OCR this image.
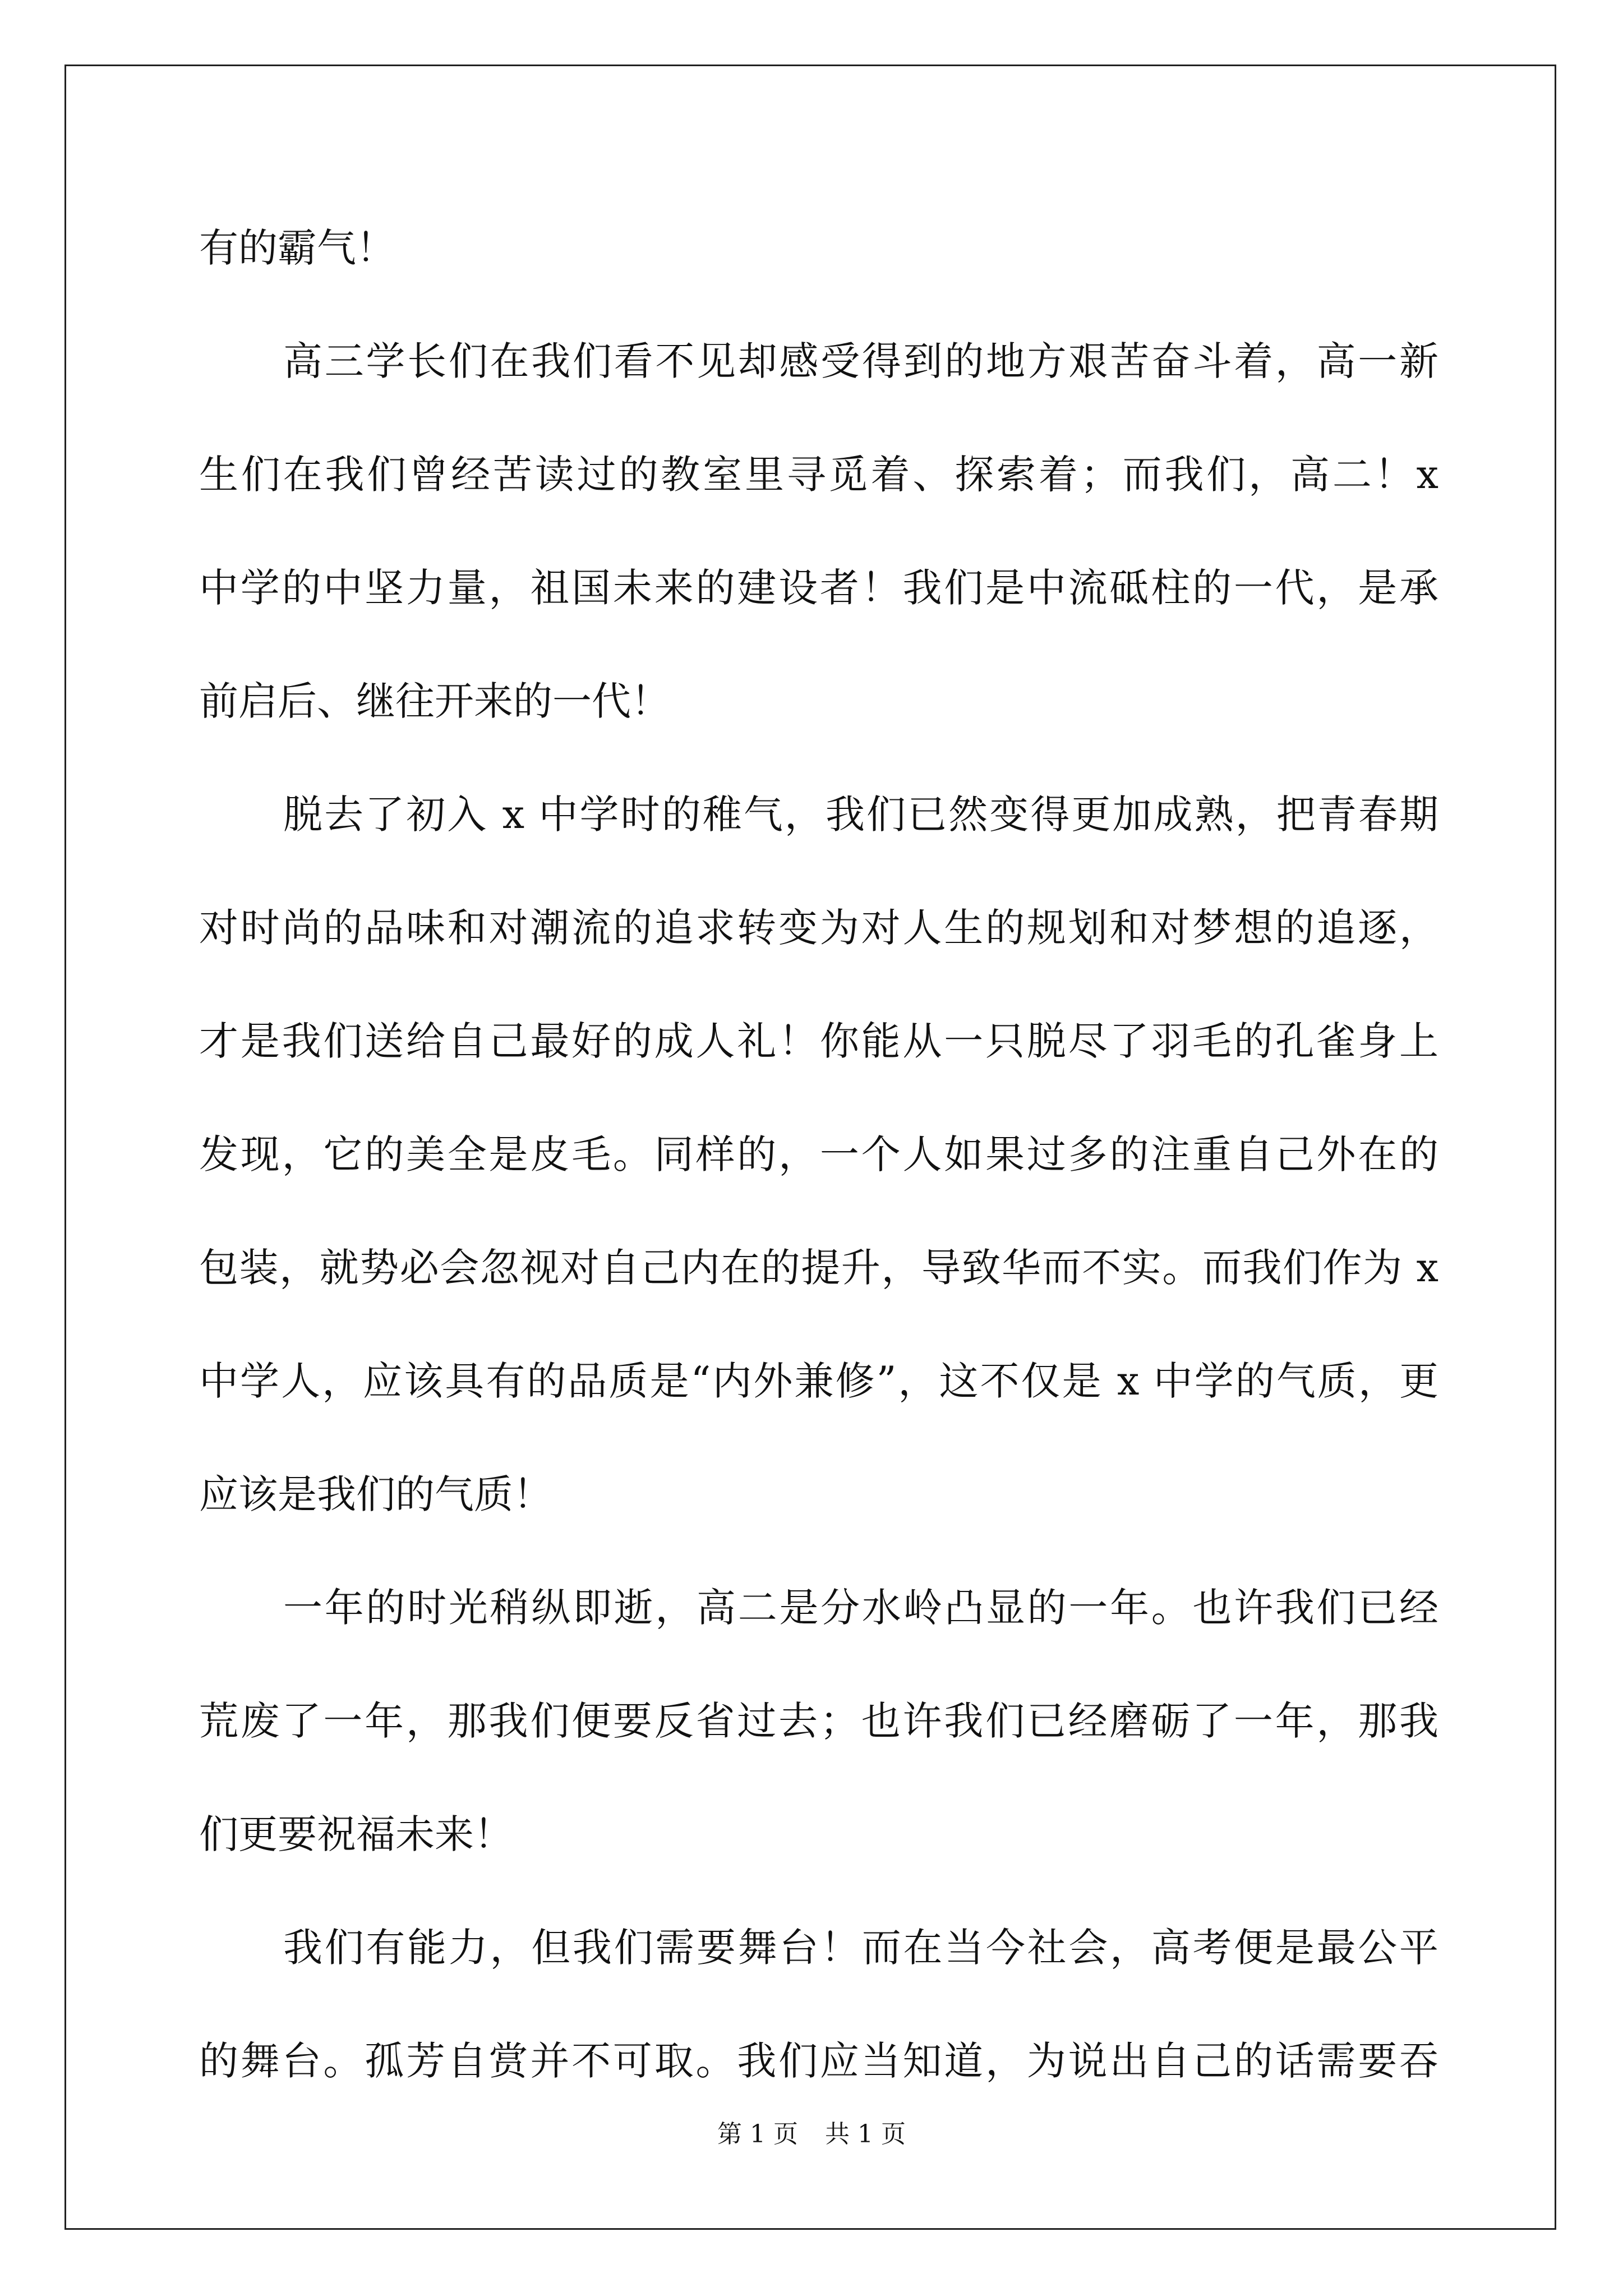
有的霸气！
高三学长们在我们看不见却感受得到的地方艰苦奋斗着，高一新
生们在我们曾经苦读过的教室里寻觅着、探索着；而我们，高二！x
中学的中坚力量，祖国未来的建设者！我们是中流砥柱的一代，是承
前启后、继往开来的一代！
脱去了初入 x 中学时的稚气，我们已然变得更加成熟，把青春期
对时尚的品味和对潮流的追求转变为对人生的规划和对梦想的追逐，
才是我们送给自己最好的成人礼！你能从一只脱尽了羽毛的孔雀身上
发现，它的美全是皮毛。同样的，一个人如果过多的注重自己外在的
包装，就势必会忽视对自己内在的提升，导致华而不实。而我们作为 x
中学人，应该具有的品质是“内外兼修”，这不仅是 x 中学的气质，更
应该是我们的气质！
一年的时光稍纵即逝，高二是分水岭凸显的一年。也许我们已经
荒废了一年，那我们便要反省过去；也许我们已经磨砺了一年，那我
们更要祝福未来！
我们有能力，但我们需要舞台！而在当今社会，高考便是最公平
的舞台。孤芳自赏并不可取。我们应当知道，为说出自己的话需要吞
第 1 页 共 1 页
